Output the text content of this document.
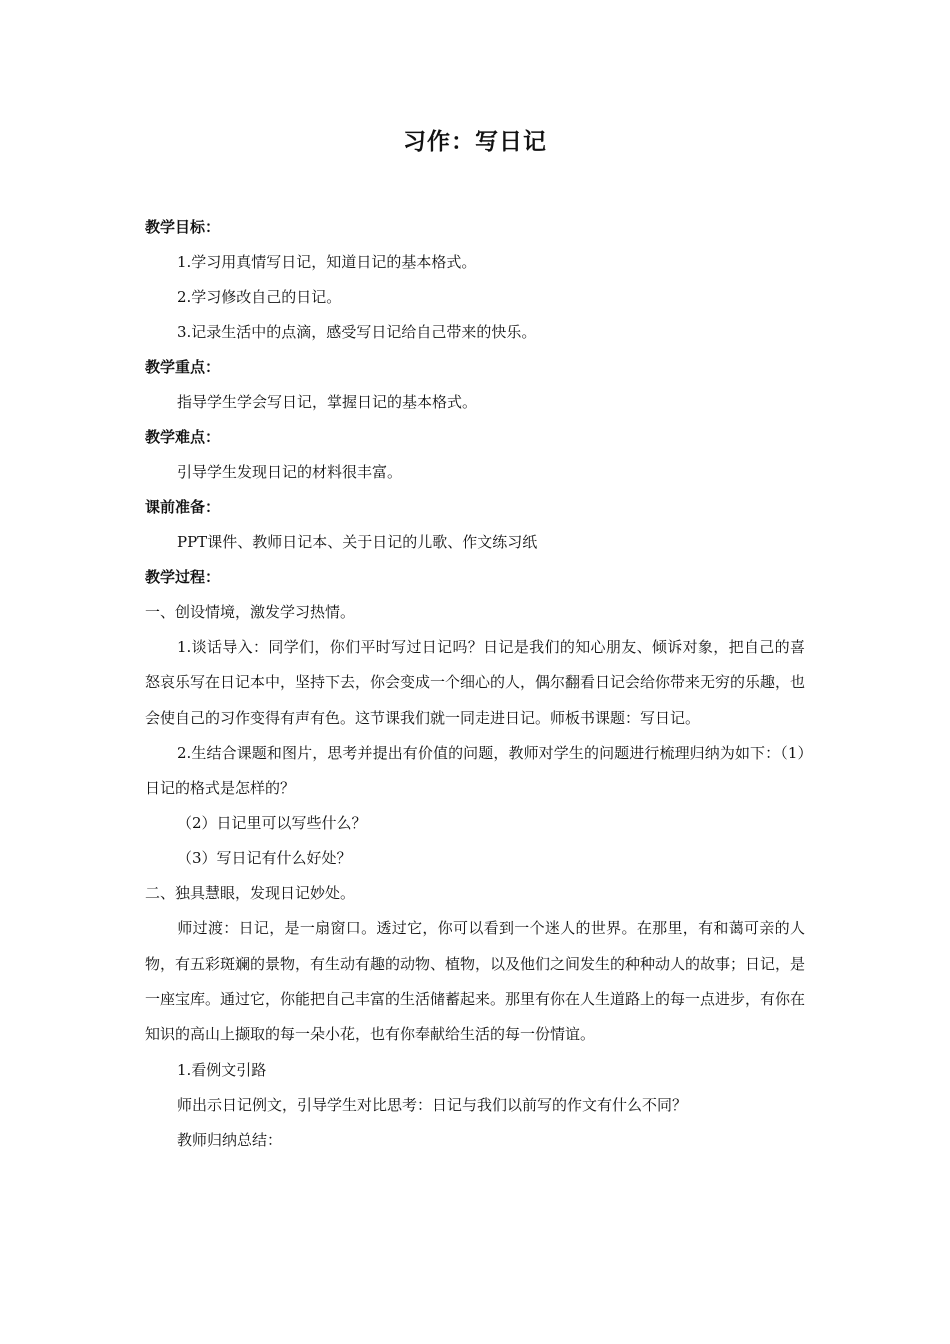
习作：写日记
教学目标：
1.学习用真情写日记，知道日记的基本格式。
2.学习修改自己的日记。
3.记录生活中的点滴，感受写日记给自己带来的快乐。
教学重点：
指导学生学会写日记，掌握日记的基本格式。
教学难点：
引导学生发现日记的材料很丰富。
课前准备：
PPT课件、教师日记本、关于日记的儿歌、作文练习纸
教学过程：
一、创设情境，激发学习热情。

1.谈话导入：同学们，你们平时写过日记吗？日记是我们的知心朋友、倾诉对象，把自己的喜怒哀乐写在日记本中，坚持下去，你会变成一个细心的人，偶尔翻看日记会给你带来无穷的乐趣，也会使自己的习作变得有声有色。这节课我们就一同走进日记。师板书课题：写日记。

2.生结合课题和图片，思考并提出有价值的问题，教师对学生的问题进行梳理归纳为如下：（1）日记的格式是怎样的？

（2）日记里可以写些什么？
（3）写日记有什么好处？
二、独具慧眼，发现日记妙处。

师过渡：日记，是一扇窗口。透过它，你可以看到一个迷人的世界。在那里，有和蔼可亲的人物，有五彩斑斓的景物，有生动有趣的动物、植物，以及他们之间发生的种种动人的故事；日记，是一座宝库。通过它，你能把自己丰富的生活储蓄起来。那里有你在人生道路上的每一点进步，有你在知识的高山上撷取的每一朵小花，也有你奉献给生活的每一份情谊。

1.看例文引路
师出示日记例文，引导学生对比思考：日记与我们以前写的作文有什么不同？
教师归纳总结：
